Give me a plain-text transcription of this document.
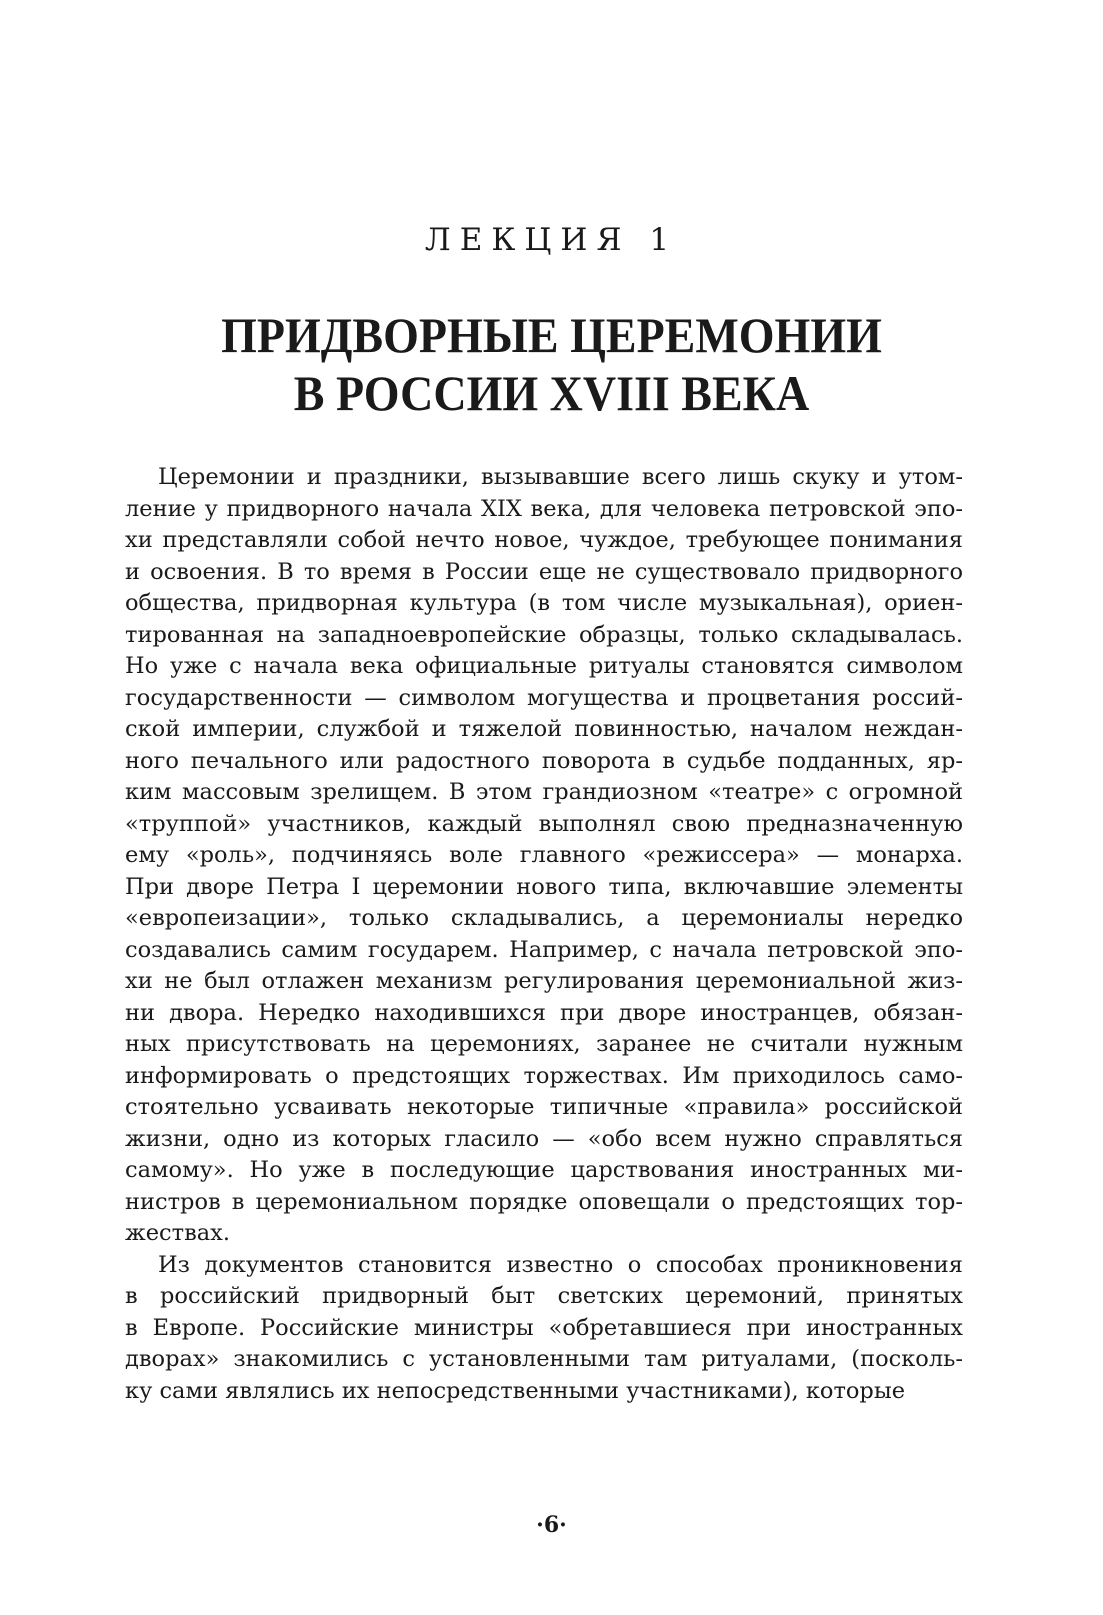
ЛЕКЦИЯ 1
ПРИДВОРНЫЕ ЦЕРЕМОНИИ
В РОССИИ XVIII ВЕКА
Церемонии и праздники, вызывавшие всего лишь скуку и утом-
ление у придворного начала XIX века, для человека петровской эпо-
хи представляли собой нечто новое, чуждое, требующее понимания
и освоения. В то время в России еще не существовало придворного
общества, придворная культура (в том числе музыкальная), ориен-
тированная на западноевропейские образцы, только складывалась.
Но уже с начала века официальные ритуалы становятся символом
государственности — символом могущества и процветания россий-
ской империи, службой и тяжелой повинностью, началом неждан-
ного печального или радостного поворота в судьбе подданных, яр-
ким массовым зрелищем. В этом грандиозном «театре» с огромной
«труппой» участников, каждый выполнял свою предназначенную
ему «роль», подчиняясь воле главного «режиссера» — монарха.
При дворе Петра I церемонии нового типа, включавшие элементы
«европеизации», только складывались, а церемониалы нередко
создавались самим государем. Например, с начала петровской эпо-
хи не был отлажен механизм регулирования церемониальной жиз-
ни двора. Нередко находившихся при дворе иностранцев, обязан-
ных присутствовать на церемониях, заранее не считали нужным
информировать о предстоящих торжествах. Им приходилось само-
стоятельно усваивать некоторые типичные «правила» российской
жизни, одно из которых гласило — «обо всем нужно справляться
самому». Но уже в последующие царствования иностранных ми-
нистров в церемониальном порядке оповещали о предстоящих тор-
жествах.
Из документов становится известно о способах проникновения
в российский придворный быт светских церемоний, принятых
в Европе. Российские министры «обретавшиеся при иностранных
дворах» знакомились с установленными там ритуалами, (посколь-
ку сами являлись их непосредственными участниками), которые
·6·
